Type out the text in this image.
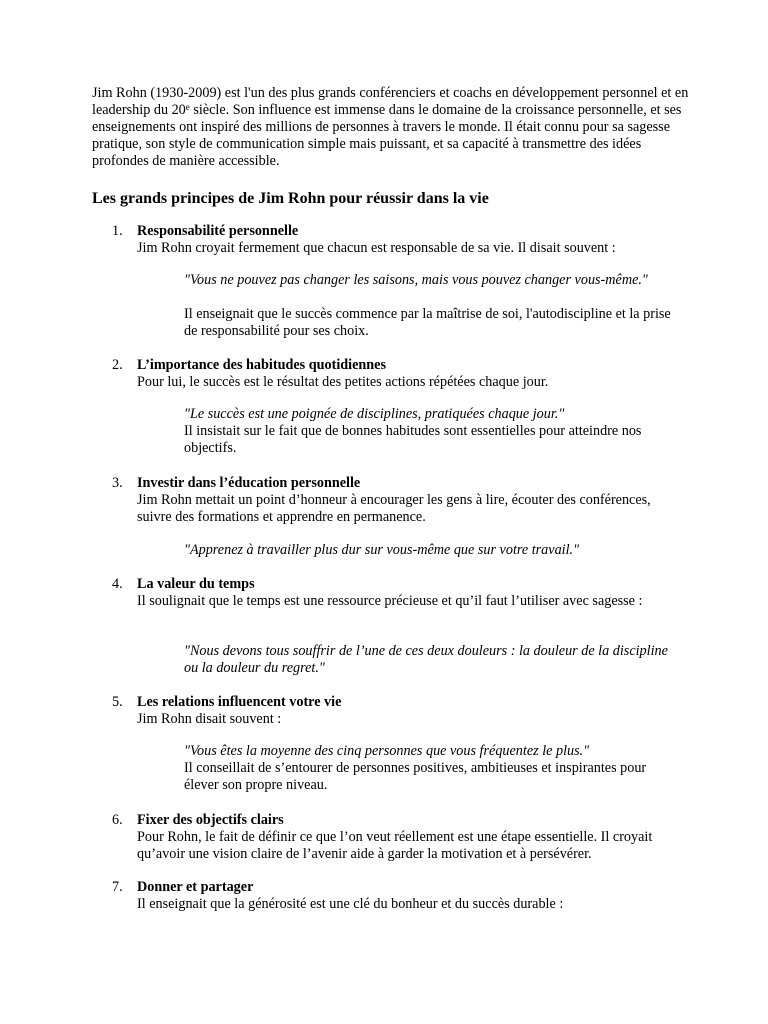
Jim Rohn (1930-2009) est l'un des plus grands conférenciers et coachs en développement personnel et en leadership du 20e siècle. Son influence est immense dans le domaine de la croissance personnelle, et ses enseignements ont inspiré des millions de personnes à travers le monde. Il était connu pour sa sagesse pratique, son style de communication simple mais puissant, et sa capacité à transmettre des idées profondes de manière accessible.

Les grands principes de Jim Rohn pour réussir dans la vie
1. Responsabilité personnelle

Jim Rohn croyait fermement que chacun est responsable de sa vie. Il disait souvent :

"Vous ne pouvez pas changer les saisons, mais vous pouvez changer vous-même."

Il enseignait que le succès commence par la maîtrise de soi, l'autodiscipline et la prise de responsabilité pour ses choix.

2. L’importance des habitudes quotidiennes

Pour lui, le succès est le résultat des petites actions répétées chaque jour.

"Le succès est une poignée de disciplines, pratiquées chaque jour."

Il insistait sur le fait que de bonnes habitudes sont essentielles pour atteindre nos objectifs.

3. Investir dans l’éducation personnelle

Jim Rohn mettait un point d’honneur à encourager les gens à lire, écouter des conférences, suivre des formations et apprendre en permanence.

"Apprenez à travailler plus dur sur vous-même que sur votre travail."

4. La valeur du temps

Il soulignait que le temps est une ressource précieuse et qu’il faut l’utiliser avec sagesse :

"Nous devons tous souffrir de l’une de ces deux douleurs : la douleur de la discipline ou la douleur du regret."

5. Les relations influencent votre vie

Jim Rohn disait souvent :

"Vous êtes la moyenne des cinq personnes que vous fréquentez le plus."

Il conseillait de s’entourer de personnes positives, ambitieuses et inspirantes pour élever son propre niveau.

6. Fixer des objectifs clairs

Pour Rohn, le fait de définir ce que l’on veut réellement est une étape essentielle. Il croyait qu’avoir une vision claire de l’avenir aide à garder la motivation et à persévérer.

7. Donner et partager

Il enseignait que la générosité est une clé du bonheur et du succès durable :
